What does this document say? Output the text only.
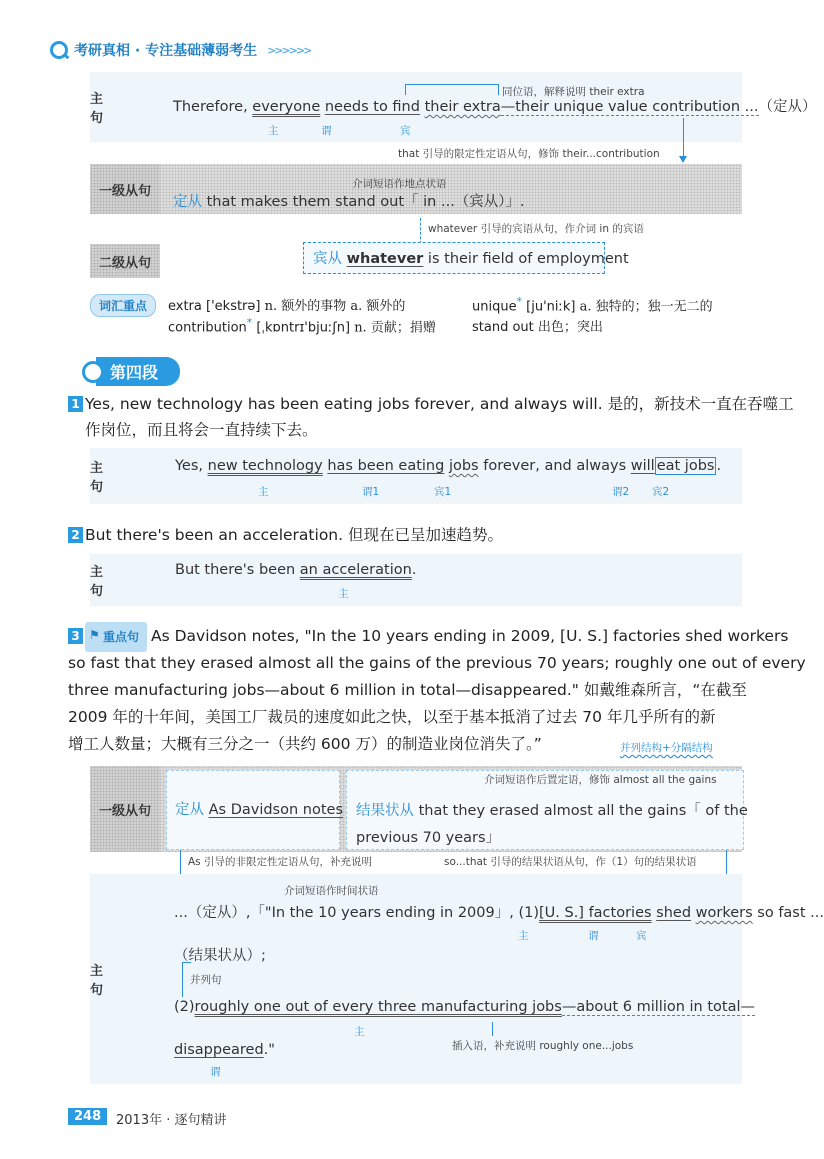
考研真相 · 专注基础薄弱考生 >>>>>>
主 句
同位语，解释说明 their extra
Therefore, everyone needs to find their extra—their unique value contribution ...（定从）
主	谓	宾
that 引导的限定性定语从句，修饰 their...contribution
一级从句	介词短语作地点状语
定从 that makes them stand out「 in ...（宾从）」.
whatever 引导的宾语从句，作介词 in 的宾语
二级从句	宾从 whatever is their field of employment
词汇重点	extra ['ekstrə] n. 额外的事物 a. 额外的
contribution* [ˌkɒntrɪ'bjuːʃn] n. 贡献；捐赠
unique* [ju'niːk] a. 独特的；独一无二的
stand out 出色；突出
第四段
1 Yes, new technology has been eating jobs forever, and always will. 是的，新技术一直在吞噬工
作岗位，而且将会一直持续下去。
主 句
Yes, new technology has been eating jobs forever, and always will eat jobs .
主	谓1	宾1	谓2 宾2
2 But there's been an acceleration. 但现在已呈加速趋势。
主 句
But there's been an acceleration.
主
3⚑ 重点句 As Davidson notes, "In the 10 years ending in 2009, [U. S.] factories shed workers
so fast that they erased almost all the gains of the previous 70 years; roughly one out of every
three manufacturing jobs—about 6 million in total—disappeared." 如戴维森所言，“在截至
2009 年的十年间，美国工厂裁员的速度如此之快，以至于基本抵消了过去 70 年几乎所有的新
增工人数量；大概有三分之一（共约 600 万）的制造业岗位消失了。”	并列结构+分隔结构
一级从句	定从 As Davidson notes
介词短语作后置定语，修饰 almost all the gains
结果状从 that they erased almost all the gains「 of the
previous 70 years」
As 引导的非限定性定语从句，补充说明	so...that 引导的结果状语从句，作（1）句的结果状语
主 句
介词短语作时间状语
...（定从）,「"In the 10 years ending in 2009」, (1)[U. S.] factories shed workers so fast ...
主	谓	宾
（结果状从）;
并列句
(2)roughly one out of every three manufacturing jobs—about 6 million in total—
主
插入语，补充说明 roughly one...jobs
disappeared."
谓
248	2013年 · 逐句精讲
